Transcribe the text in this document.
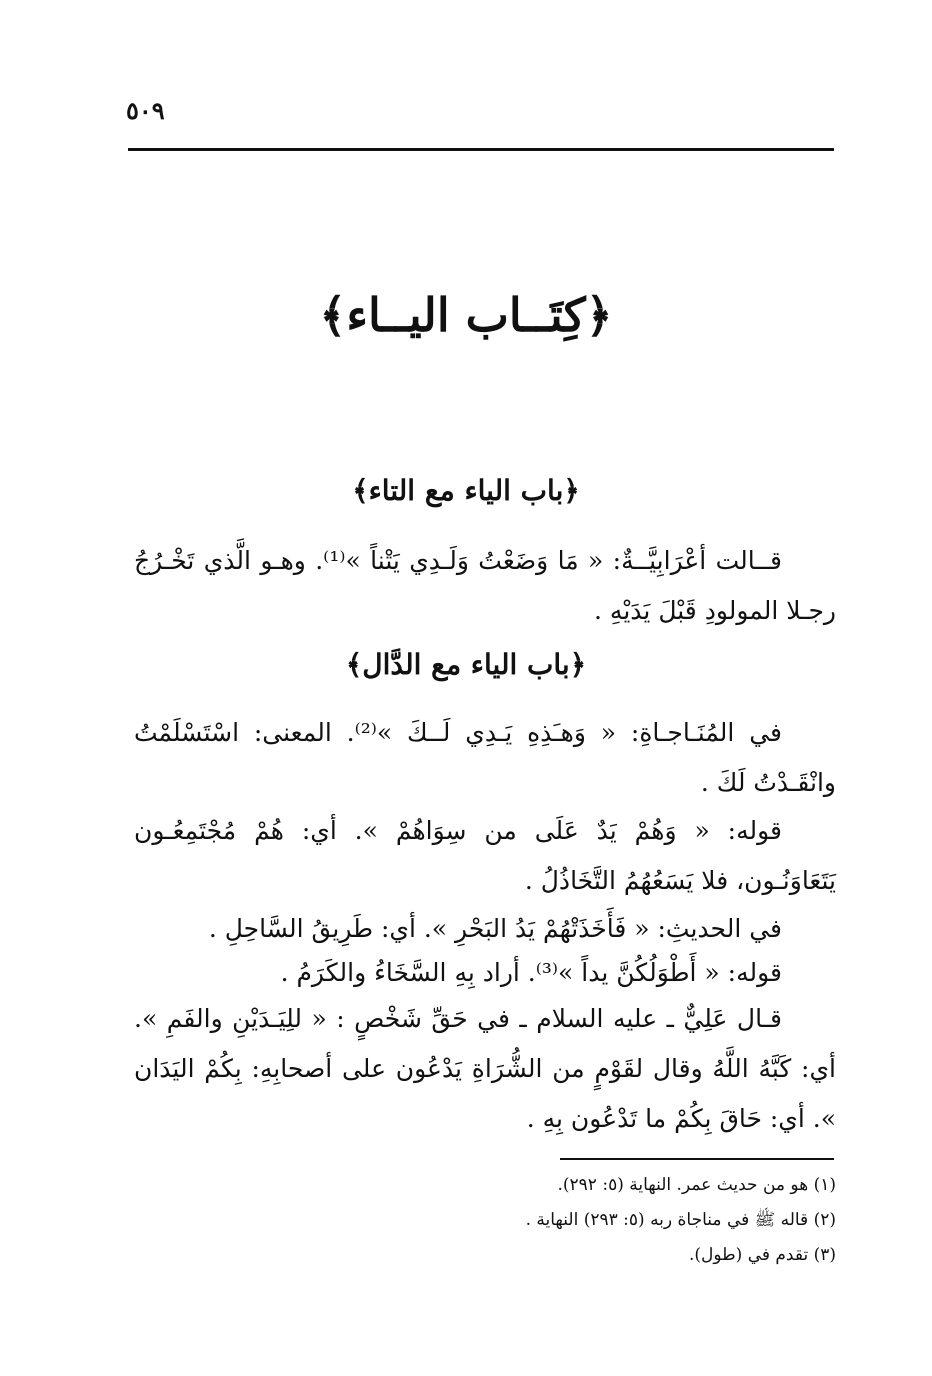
٥٠٩
﴿كِتَــاب اليــاء﴾
﴿باب الياء مع التاء﴾
قــالت أعْرَابِيَّــةٌ: « مَا وَضَعْتُ وَلَـدِي يَتْناً »⁽¹⁾. وهـو الَّذي تَخْـرُجُ رجـلا المولودِ قَبْلَ يَدَيْهِ .
﴿باب الياء مع الدَّال﴾
في المُنَـاجـاةِ: « وَهـَذِهِ يَـدِي لَــكَ »⁽²⁾. المعنى: اسْتَسْلَمْتُ وانْقَـدْتُ لَكَ .
قوله: « وَهُمْ يَدٌ عَلَى من سِوَاهُمْ ». أي: هُمْ مُجْتَمِعُـون يَتَعَاوَنُـون، فلا يَسَعُهُمُ التَّخَاذُلُ .
في الحديثِ: « فَأَخَذَتْهُمْ يَدُ البَحْرِ ». أي: طَرِيقُ السَّاحِلِ .
قوله: « أَطْوَلُكُنَّ يداً »⁽³⁾. أراد بِهِ السَّخَاءُ والكَرَمُ .
قـال عَلِيٌّ ـ عليه السلام ـ في حَقِّ شَخْصٍ : « للِيَـدَيْنِ والفَمِ ». أي: كَبَّهُ اللَّهُ وقال لقَوْمٍ من الشُّرَاةِ يَدْعُون على أصحابِهِ: بِكُمْ اليَدَان ». أي: حَاقَ بِكُمْ ما تَدْعُون بِهِ .
(١) هو من حديث عمر. النهاية (٥: ٢٩٢).
(٢) قاله ﷺ في مناجاة ربه (٥: ٢٩٣) النهاية .
(٣) تقدم في (طول).
